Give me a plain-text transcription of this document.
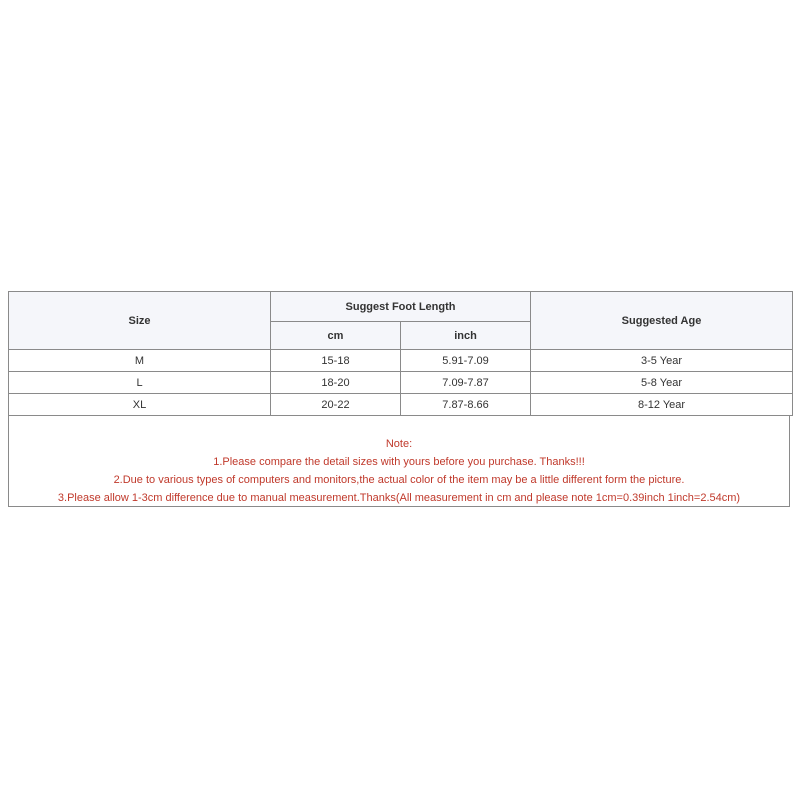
Size	Suggest Foot Length		Suggested Age
	cm	inch	
M	15-18	5.91-7.09	3-5 Year
L	18-20	7.09-7.87	5-8 Year
XL	20-22	7.87-8.66	8-12 Year
Note:
1.Please compare the detail sizes with yours before you purchase. Thanks!!!
2.Due to various types of computers and monitors,the actual color of the item may be a little different form the picture.
3.Please allow 1-3cm difference due to manual measurement.Thanks(All measurement in cm and please note 1cm=0.39inch 1inch=2.54cm)
